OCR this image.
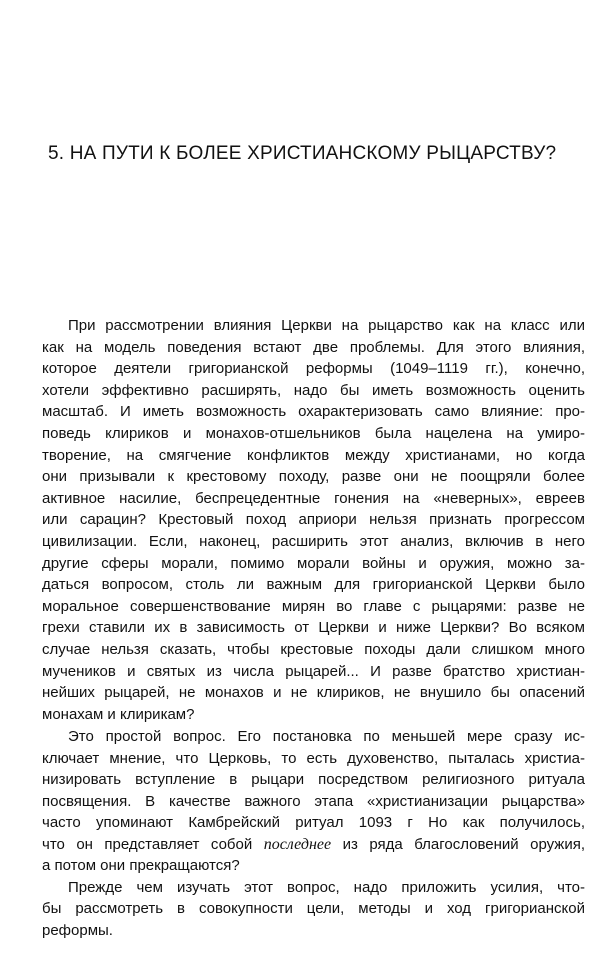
5. НА ПУТИ К БОЛЕЕ ХРИСТИАНСКОМУ РЫЦАРСТВУ?
При рассмотрении влияния Церкви на рыцарство как на класс или
как на модель поведения встают две проблемы. Для этого влияния,
которое деятели григорианской реформы (1049–1119 гг.), конечно,
хотели эффективно расширять, надо бы иметь возможность оценить
масштаб. И иметь возможность охарактеризовать само влияние: про-
поведь клириков и монахов-отшельников была нацелена на умиро-
творение, на смягчение конфликтов между христианами, но когда
они призывали к крестовому походу, разве они не поощряли более
активное насилие, беспрецедентные гонения на «неверных», евреев
или сарацин? Крестовый поход априори нельзя признать прогрессом
цивилизации. Если, наконец, расширить этот анализ, включив в него
другие сферы морали, помимо морали войны и оружия, можно за-
даться вопросом, столь ли важным для григорианской Церкви было
моральное совершенствование мирян во главе с рыцарями: разве не
грехи ставили их в зависимость от Церкви и ниже Церкви? Во всяком
случае нельзя сказать, чтобы крестовые походы дали слишком много
мучеников и святых из числа рыцарей... И разве братство христиан-
нейших рыцарей, не монахов и не клириков, не внушило бы опасений
монахам и клирикам?
Это простой вопрос. Его постановка по меньшей мере сразу ис-
ключает мнение, что Церковь, то есть духовенство, пыталась христиа-
низировать вступление в рыцари посредством религиозного ритуала
посвящения. В качестве важного этапа «христианизации рыцарства»
часто упоминают Камбрейский ритуал 1093 г Но как получилось,
что он представляет собой последнее из ряда благословений оружия,
а потом они прекращаются?
Прежде чем изучать этот вопрос, надо приложить усилия, что-
бы рассмотреть в совокупности цели, методы и ход григорианской
реформы.
